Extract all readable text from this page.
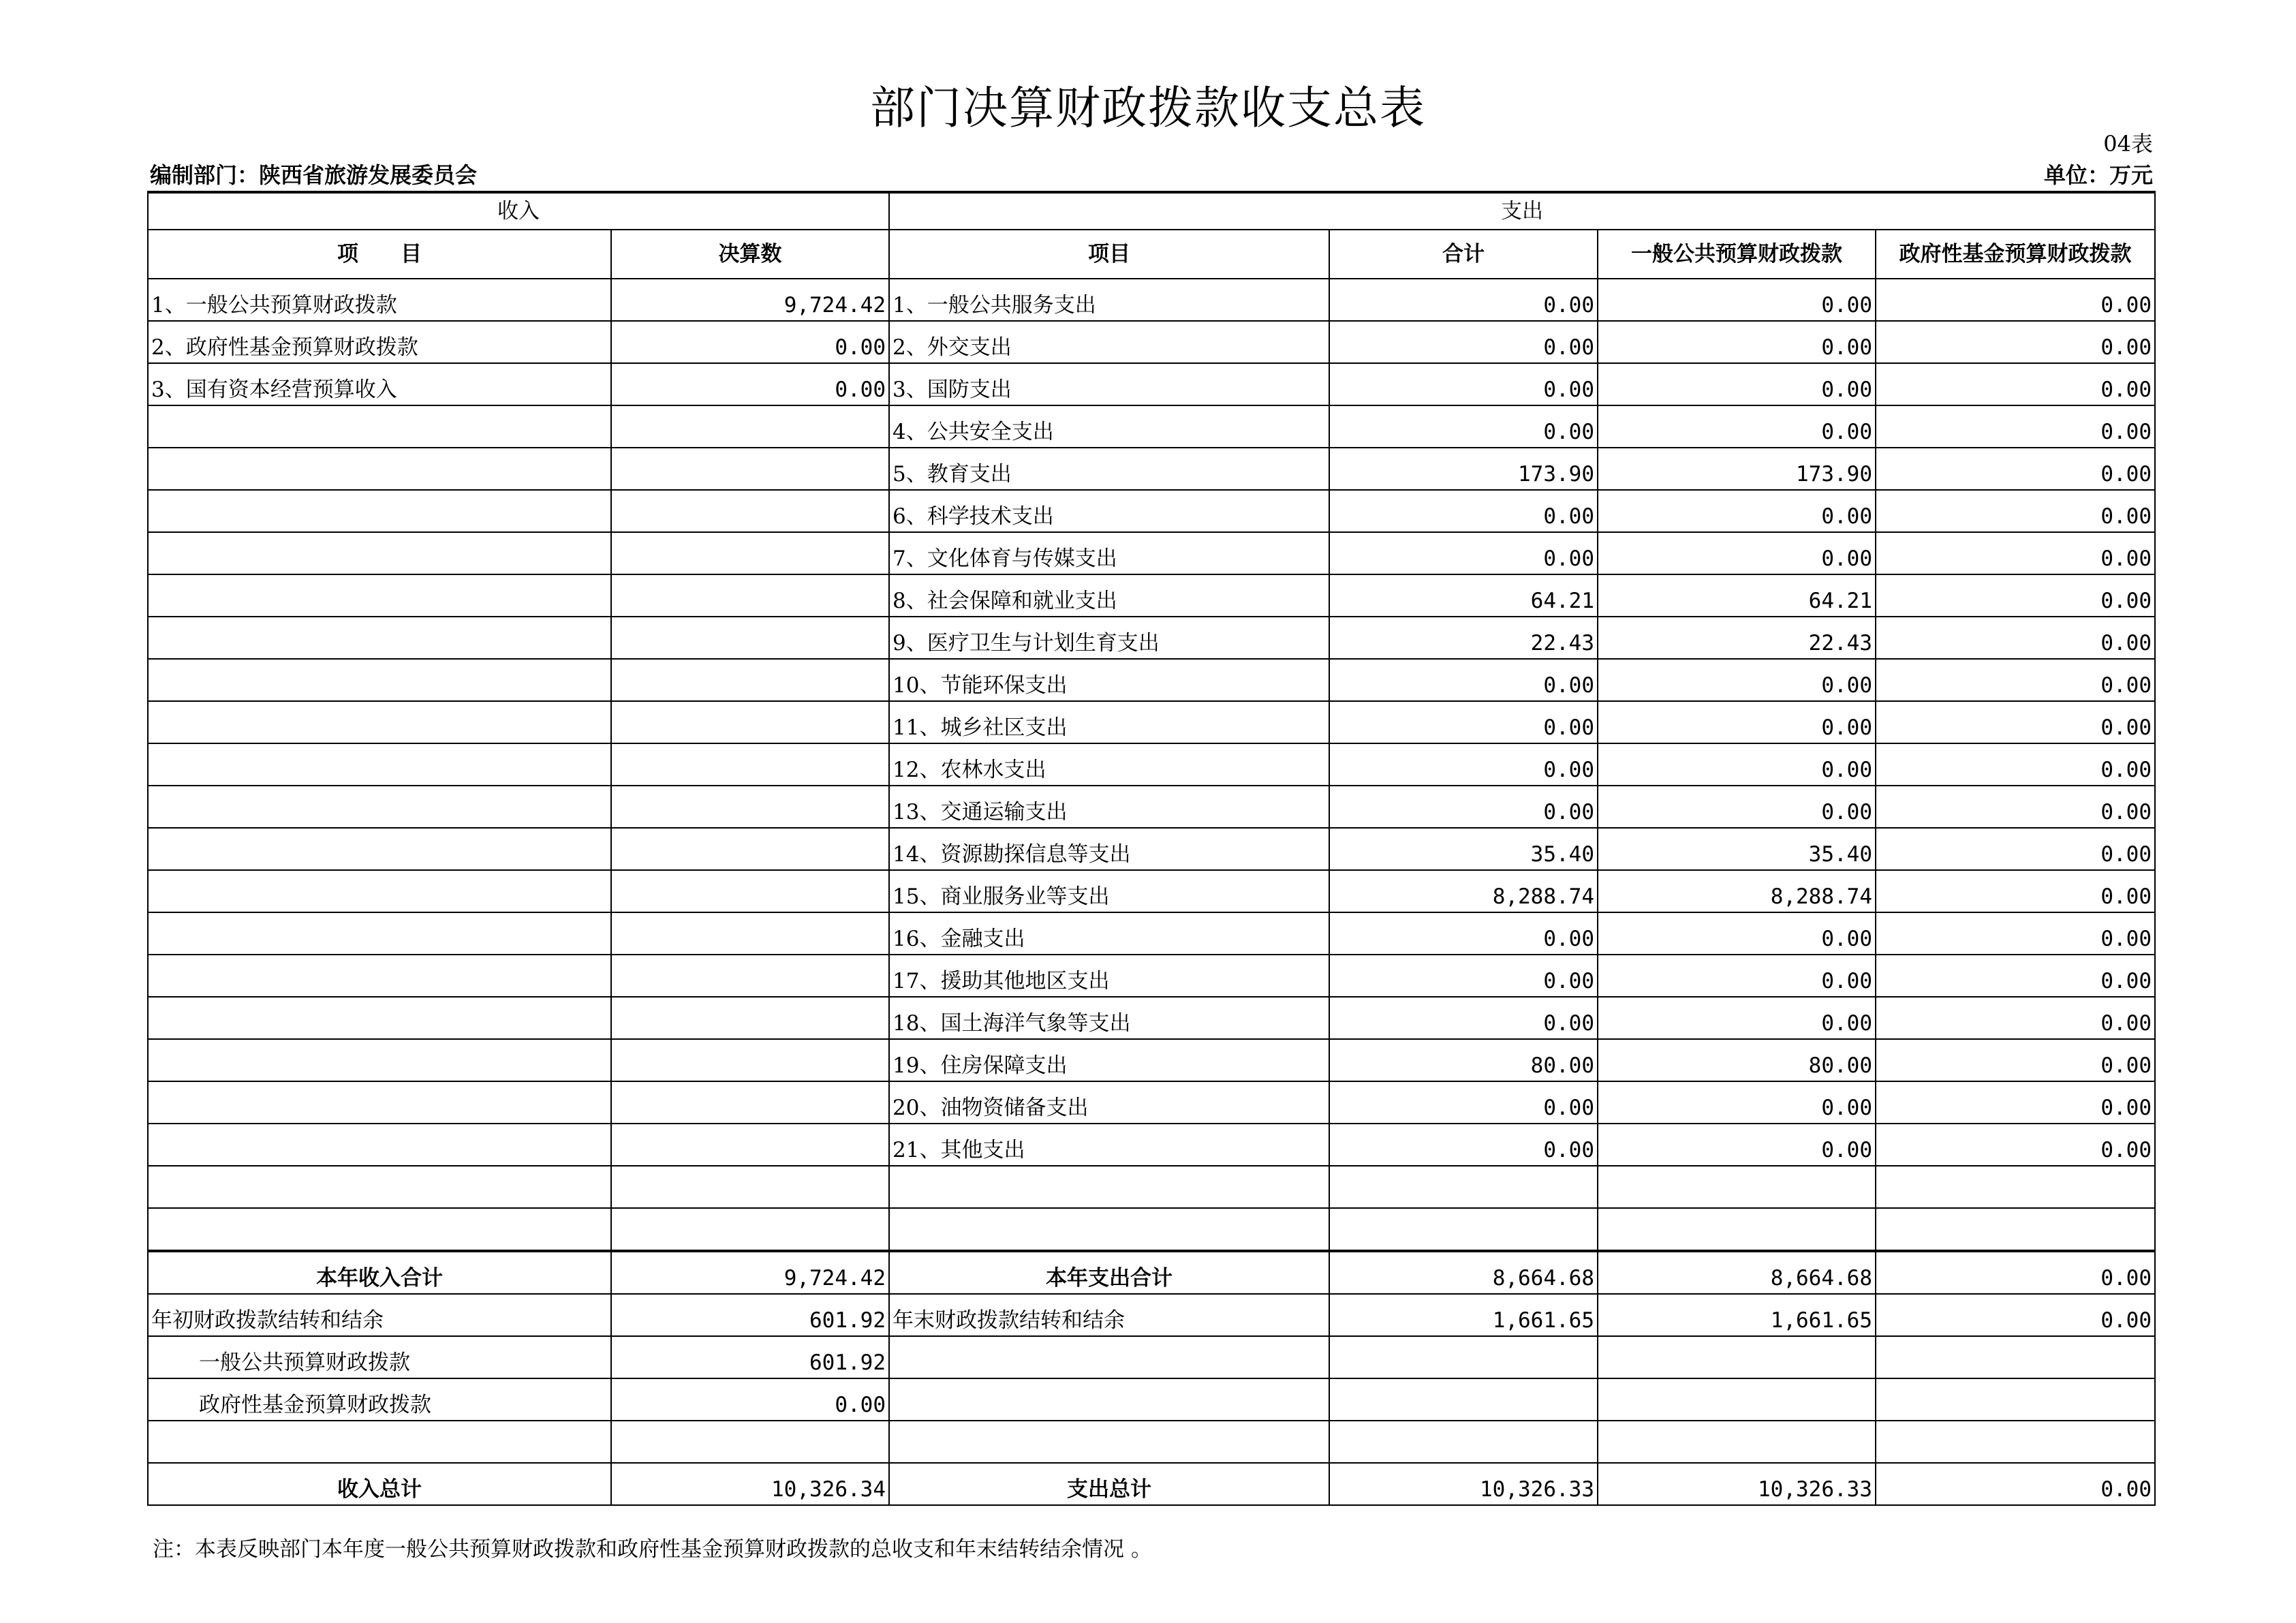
部门决算财政拨款收支总表
04表
编制部门：陕西省旅游发展委员会	单位：万元
收入		支出			
项　　目	决算数	项目	合计	一般公共预算财政拨款	政府性基金预算财政拨款
1、一般公共预算财政拨款	9,724.42	1、一般公共服务支出	0.00	0.00	0.00
2、政府性基金预算财政拨款	0.00	2、外交支出	0.00	0.00	0.00
3、国有资本经营预算收入	0.00	3、国防支出	0.00	0.00	0.00
		4、公共安全支出	0.00	0.00	0.00
		5、教育支出	173.90	173.90	0.00
		6、科学技术支出	0.00	0.00	0.00
		7、文化体育与传媒支出	0.00	0.00	0.00
		8、社会保障和就业支出	64.21	64.21	0.00
		9、医疗卫生与计划生育支出	22.43	22.43	0.00
		10、节能环保支出	0.00	0.00	0.00
		11、城乡社区支出	0.00	0.00	0.00
		12、农林水支出	0.00	0.00	0.00
		13、交通运输支出	0.00	0.00	0.00
		14、资源勘探信息等支出	35.40	35.40	0.00
		15、商业服务业等支出	8,288.74	8,288.74	0.00
		16、金融支出	0.00	0.00	0.00
		17、援助其他地区支出	0.00	0.00	0.00
		18、国土海洋气象等支出	0.00	0.00	0.00
		19、住房保障支出	80.00	80.00	0.00
		20、油物资储备支出	0.00	0.00	0.00
		21、其他支出	0.00	0.00	0.00

本年收入合计	9,724.42	本年支出合计	8,664.68	8,664.68	0.00
年初财政拨款结转和结余	601.92	年末财政拨款结转和结余	1,661.65	1,661.65	0.00
一般公共预算财政拨款	601.92				
政府性基金预算财政拨款	0.00				

收入总计	10,326.34	支出总计	10,326.33	10,326.33	0.00
注：本表反映部门本年度一般公共预算财政拨款和政府性基金预算财政拨款的总收支和年末结转结余情况 。
